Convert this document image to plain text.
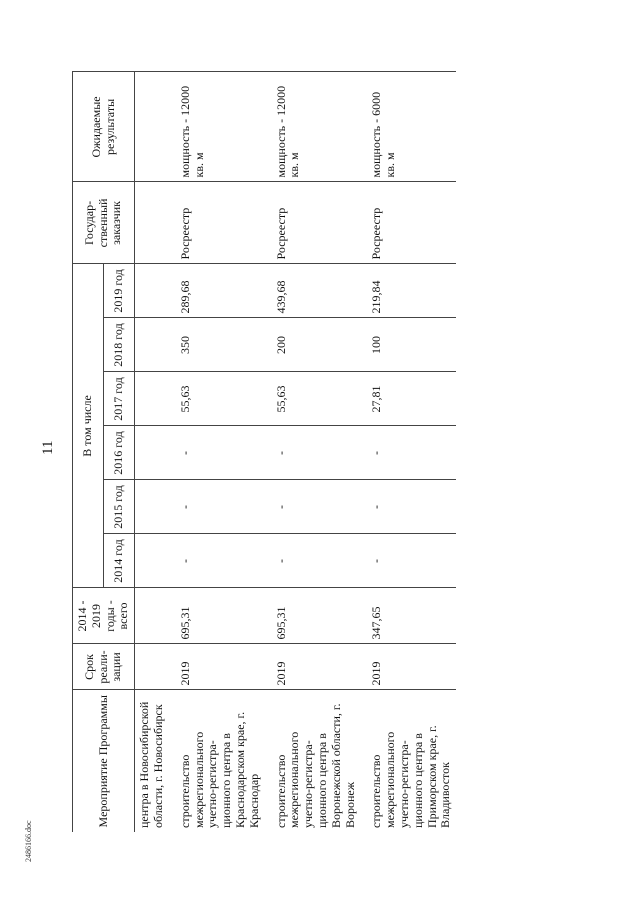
11
Мероприятие Программы	Срок реали-зации	2014 - 2019 годы - всего	В том числе						Государ-ственный заказчик	Ожидаемые результаты
			2014 год	2015 год	2016 год	2017 год	2018 год	2019 год		
центра в Новосибирской области, г. Новосибирск										
строительство межрегионального учетно-регистра-ционного центра в Краснодарском крае, г. Краснодар	2019	695,31	-	-	-	55,63	350	289,68	Росреестр	мощность - 12000 кв. м
строительство межрегионального учетно-регистра-ционного центра в Воронежской области, г. Воронеж	2019	695,31	-	-	-	55,63	200	439,68	Росреестр	мощность - 12000 кв. м
строительство межрегионального учетно-регистра-ционного центра в Приморском крае, г. Владивосток	2019	347,65	-	-	-	27,81	100	219,84	Росреестр	мощность - 6000 кв. м
2486166.doc
